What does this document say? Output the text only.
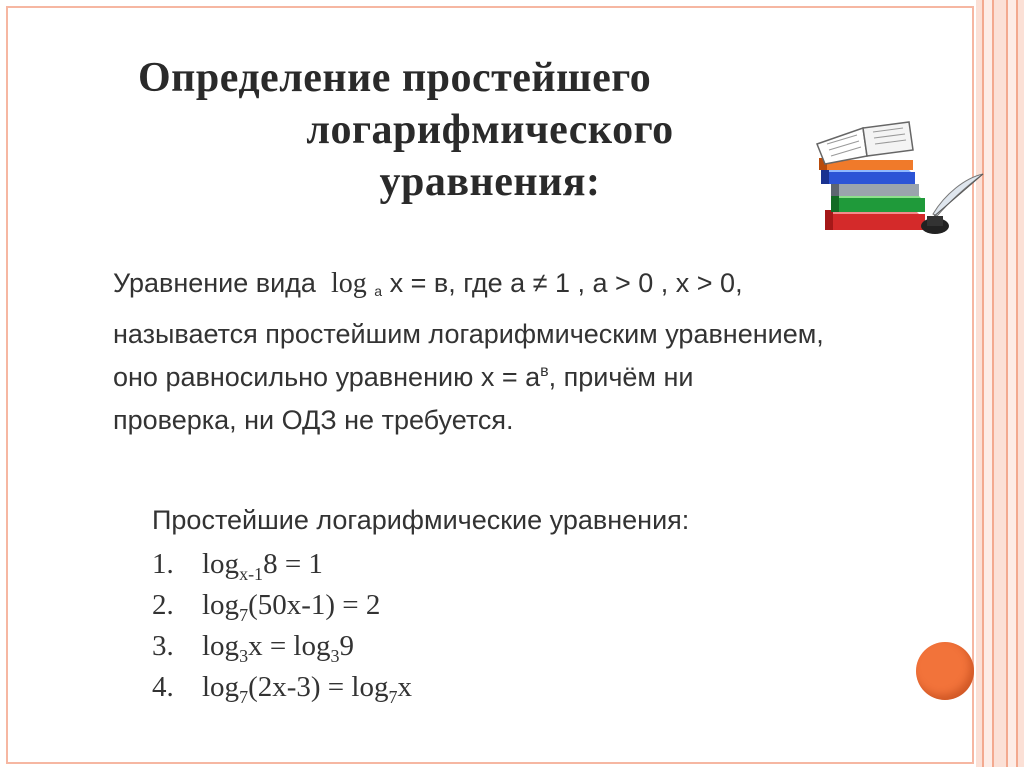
Определение простейшего
логарифмического
уравнения:
Уравнение вида log $_а$ х = в, где а ≠ 1 , а > 0 , х > 0,
называется простейшим логарифмическим уравнением,
оно равносильно уравнению $х = а^в$, причём ни
проверка, ни ОДЗ не требуется.
Простейшие логарифмические уравнения:
1. $\log_{x-1}8 = 1$
2. $\log_7(50x-1) = 2$
3. $\log_3x = \log_39$
4. $\log_7(2x-3) = \log_7x$
